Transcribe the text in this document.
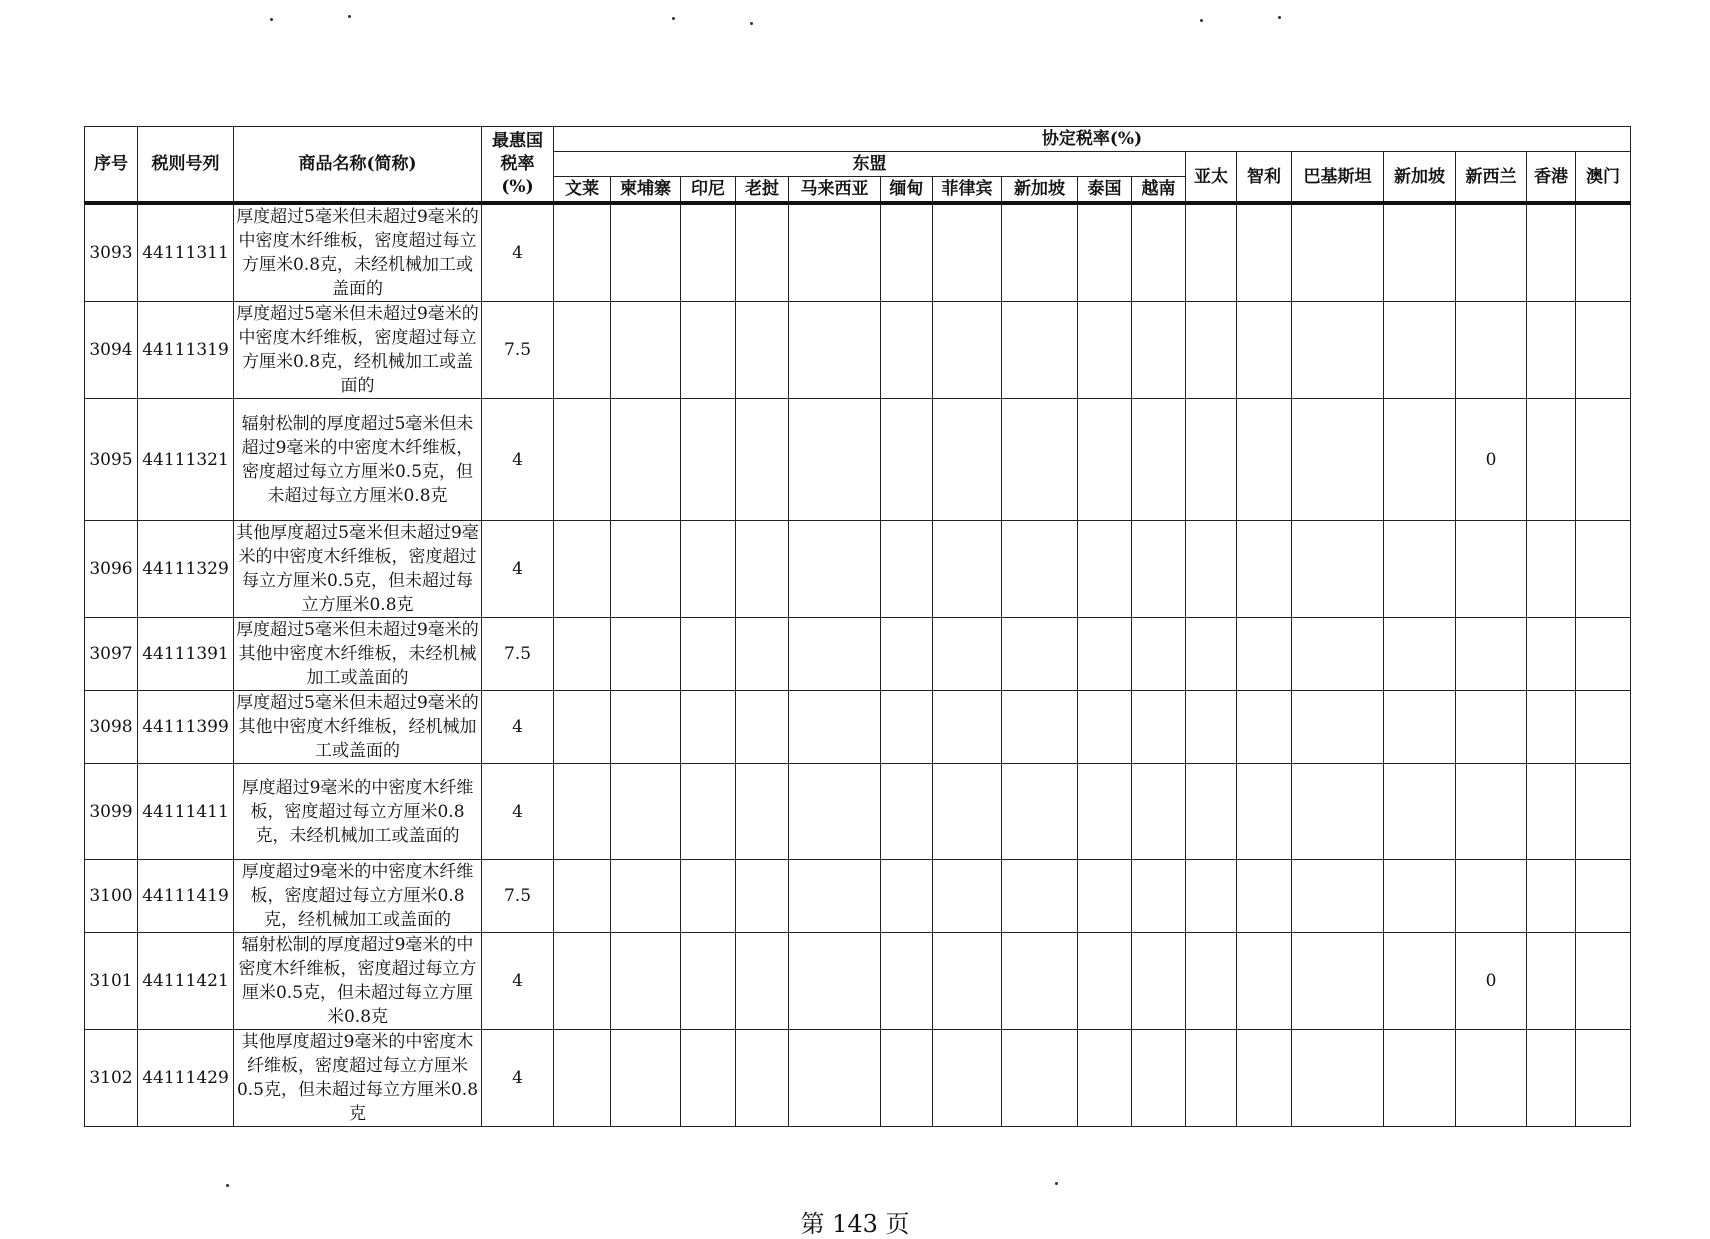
序号	税则号列	商品名称(简称)	最惠国税率(%)	协定税率(%)																
				东盟										亚太	智利	巴基斯坦	新加坡	新西兰	香港	澳门
				文莱	柬埔寨	印尼	老挝	马来西亚	缅甸	菲律宾	新加坡	泰国	越南							
3093	44111311	厚度超过5毫米但未超过9毫米的中密度木纤维板，密度超过每立方厘米0.8克，未经机械加工或盖面的	4																	
3094	44111319	厚度超过5毫米但未超过9毫米的中密度木纤维板，密度超过每立方厘米0.8克，经机械加工或盖面的	7.5																	
3095	44111321	辐射松制的厚度超过5毫米但未超过9毫米的中密度木纤维板，密度超过每立方厘米0.5克，但未超过每立方厘米0.8克	4															0		
3096	44111329	其他厚度超过5毫米但未超过9毫米的中密度木纤维板，密度超过每立方厘米0.5克，但未超过每立方厘米0.8克	4																	
3097	44111391	厚度超过5毫米但未超过9毫米的其他中密度木纤维板，未经机械加工或盖面的	7.5																	
3098	44111399	厚度超过5毫米但未超过9毫米的其他中密度木纤维板，经机械加工或盖面的	4																	
3099	44111411	厚度超过9毫米的中密度木纤维板，密度超过每立方厘米0.8克，未经机械加工或盖面的	4																	
3100	44111419	厚度超过9毫米的中密度木纤维板，密度超过每立方厘米0.8克，经机械加工或盖面的	7.5																	
3101	44111421	辐射松制的厚度超过9毫米的中密度木纤维板，密度超过每立方厘米0.5克，但未超过每立方厘米0.8克	4															0		
3102	44111429	其他厚度超过9毫米的中密度木纤维板，密度超过每立方厘米0.5克，但未超过每立方厘米0.8克	4																	
第 143 页
